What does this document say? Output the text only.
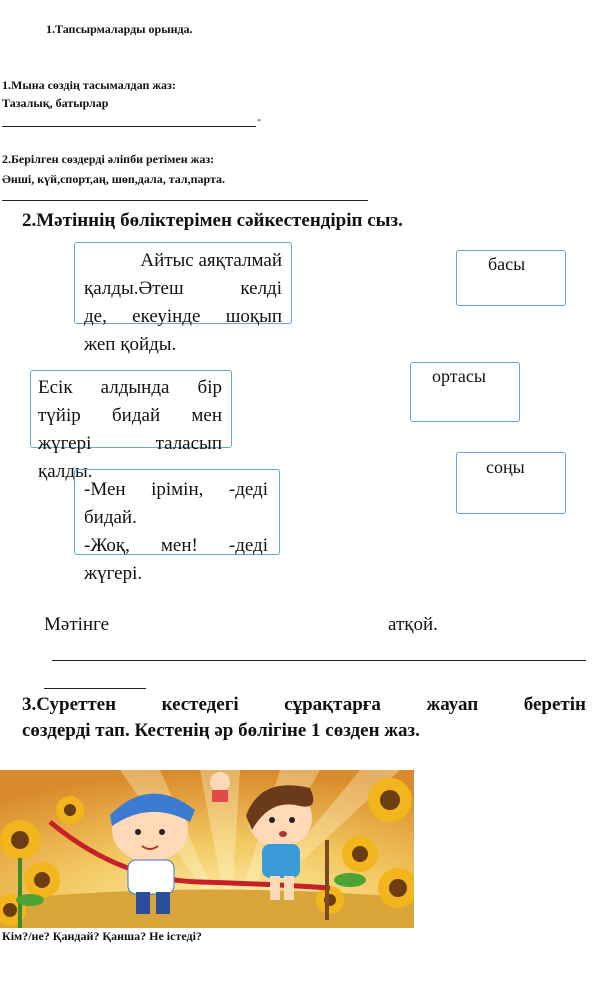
1.Тапсырмаларды орында.
1.Мына сөздің тасымалдап жаз:
Тазалық, батырлар
-
2.Берілген сөздерді әліпби ретімен жаз:
Әнші, күй,спорт,аң, шөп,дала, тал,парта.
2.Мәтіннің бөліктерімен сәйкестендіріп сыз.
Айтыс аяқталмай
қалды.Әтеш келді
де, екеуінде шоқып
жеп қойды.
Есік алдында бір
түйір бидай мен
жүгері таласып
қалды.
-Мен ірімін, -деді
бидай.
-Жоқ, мен! -деді
жүгері.
басы
ортасы
соңы
Мәтінге	атқой.
3.Суреттен кестедегі сұрақтарға жауап беретін
сөздерді тап. Кестенің әр бөлігіне 1 сөзден жаз.
Кім?/не? Қандай? Қанша? Не істеді?
